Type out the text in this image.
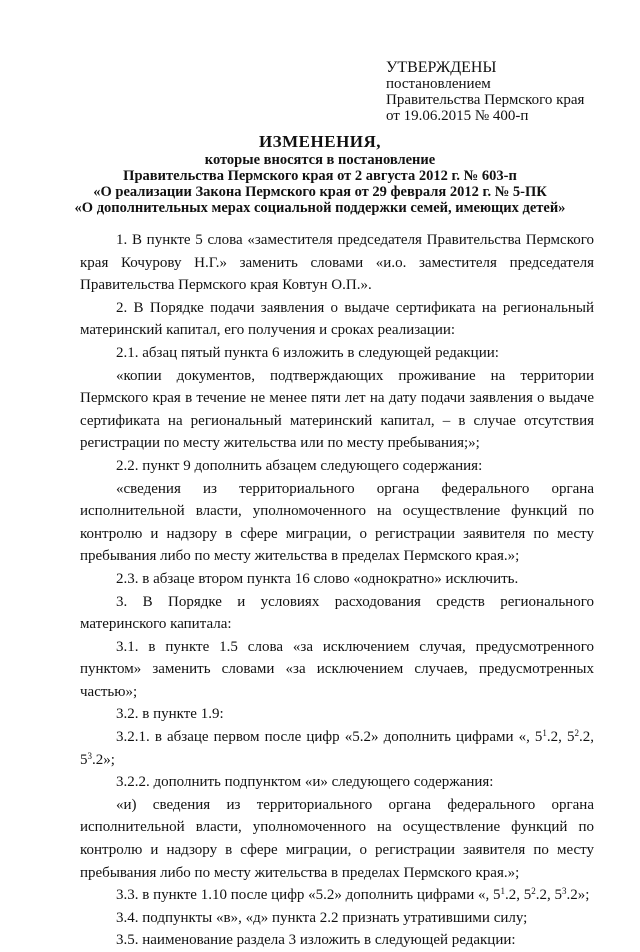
УТВЕРЖДЕНЫ
постановлением
Правительства Пермского края
от 19.06.2015 № 400-п
ИЗМЕНЕНИЯ,
которые вносятся в постановление
Правительства Пермского края от 2 августа 2012 г. № 603-п
«О реализации Закона Пермского края от 29 февраля 2012 г. № 5-ПК
«О дополнительных мерах социальной поддержки семей, имеющих детей»

1. В пункте 5 слова «заместителя председателя Правительства Пермского края Кочурову Н.Г.» заменить словами «и.о. заместителя председателя Правительства Пермского края Ковтун О.П.».

2. В Порядке подачи заявления о выдаче сертификата на региональный материнский капитал, его получения и сроках реализации:

2.1. абзац пятый пункта 6 изложить в следующей редакции:

«копии документов, подтверждающих проживание на территории Пермского края в течение не менее пяти лет на дату подачи заявления о выдаче сертификата на региональный материнский капитал, – в случае отсутствия регистрации по месту жительства или по месту пребывания;»;

2.2. пункт 9 дополнить абзацем следующего содержания:

«сведения из территориального органа федерального органа исполнительной власти, уполномоченного на осуществление функций по контролю и надзору в сфере миграции, о регистрации заявителя по месту пребывания либо по месту жительства в пределах Пермского края.»;

2.3. в абзаце втором пункта 16 слово «однократно» исключить.

3. В Порядке и условиях расходования средств регионального материнского капитала:

3.1. в пункте 1.5 слова «за исключением случая, предусмотренного пунктом» заменить словами «за исключением случаев, предусмотренных частью»;

3.2. в пункте 1.9:

3.2.1. в абзаце первом после цифр «5.2» дополнить цифрами «, $5^1.2$, $5^2.2$, $5^3.2$»;

3.2.2. дополнить подпунктом «и» следующего содержания:

«и) сведения из территориального органа федерального органа исполнительной власти, уполномоченного на осуществление функций по контролю и надзору в сфере миграции, о регистрации заявителя по месту пребывания либо по месту жительства в пределах Пермского края.»;

3.3. в пункте 1.10 после цифр «5.2» дополнить цифрами «, $5^1.2$, $5^2.2$, $5^3.2$»;

3.4. подпункты «в», «д» пункта 2.2 признать утратившими силу;

3.5. наименование раздела 3 изложить в следующей редакции:
